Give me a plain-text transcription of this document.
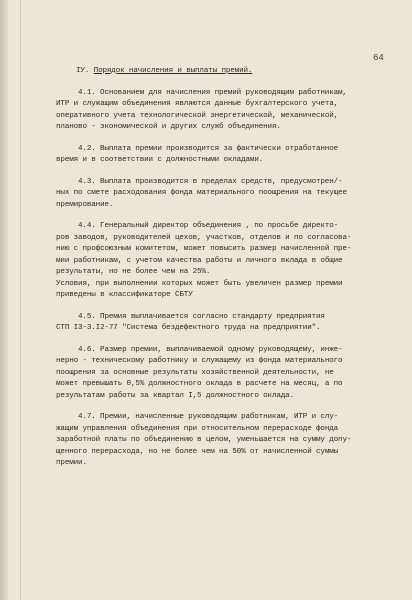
64
IУ. Порядок начисления и выплаты премий.
4.1. Основанием для начисления премий руководящим работникам,
ИТР и служащим объединения являются данные бухгалтерского учета,
оперативного учета технологической энергетической, механической,
планово - экономической и других служб объединения.
4.2. Выплата премии производится за фактически отработанное
время и в соответствии с должностными окладами.
4.3. Выплата производится в пределах средств, предусмотрен/-
ных по смете расходования фонда материального поощрения на текущее
премирование.
4.4. Генеральный директор объединения , по просьбе директо-
ров заводов, руководителей цехов, участков, отделов и по согласова-
нию с профсоюзным комитетом, может повысить размер начисленной пре-
мии работникам, с учетом качества работы и личного вклада в общие
результаты, но не более чем на 25%.
Условия, при выполнении которых может быть увеличен размер премии
приведены в классификаторе СБТУ
4.5. Премия выплачивается согласно стандарту предприятия
СТП I3-3.I2-77 "Система бездефектного труда на предприятии".
4.6. Размер премии, выплачиваемой одному руководящему, инже-
нерно - техническому работнику и служащему из фонда материального
поощрения за основные результаты хозяйственной деятельности, не
может превышать 0,5% должностного оклада в расчете на месяц, а по
результатам работы за квартал I,5 должностного оклада.
4.7. Премии, начисленные руководящим работникам, ИТР и слу-
жащим управления объединения при относительном перерасходе фонда
заработной платы по объединению в целом, уменьшается на сумму допу-
щенного перерасхода, но не более чем на 50% от начисленной суммы
премии.
